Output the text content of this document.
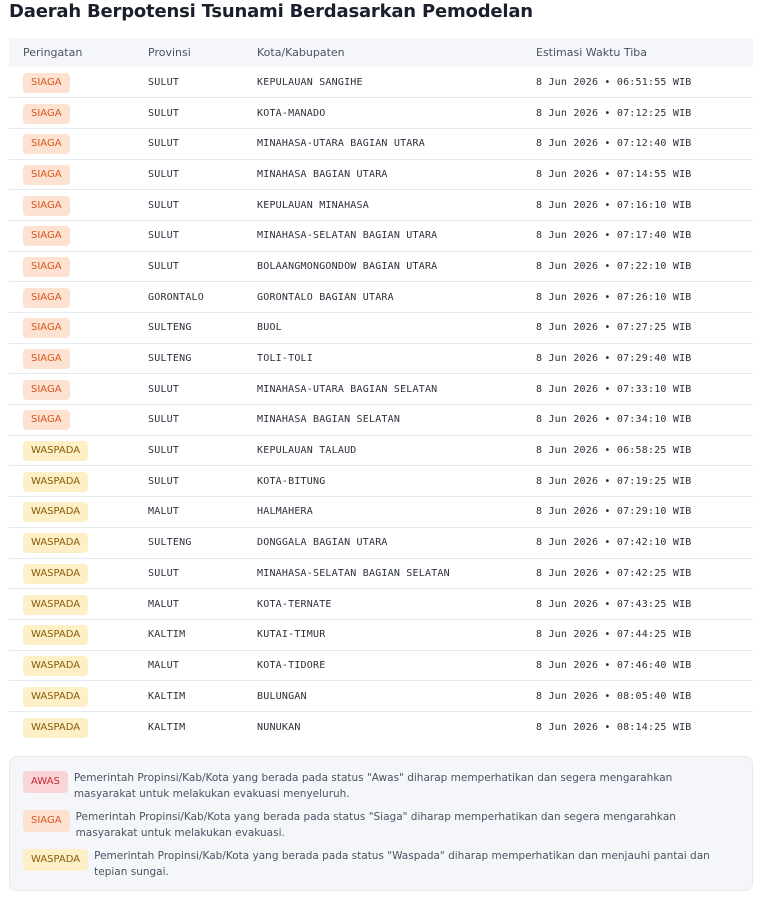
Daerah Berpotensi Tsunami Berdasarkan Pemodelan
Peringatan	Provinsi	Kota/Kabupaten	Estimasi Waktu Tiba
SIAGA	SULUT	KEPULAUAN SANGIHE	8 Jun 2026 • 06:51:55 WIB
SIAGA	SULUT	KOTA-MANADO	8 Jun 2026 • 07:12:25 WIB
SIAGA	SULUT	MINAHASA-UTARA BAGIAN UTARA	8 Jun 2026 • 07:12:40 WIB
SIAGA	SULUT	MINAHASA BAGIAN UTARA	8 Jun 2026 • 07:14:55 WIB
SIAGA	SULUT	KEPULAUAN MINAHASA	8 Jun 2026 • 07:16:10 WIB
SIAGA	SULUT	MINAHASA-SELATAN BAGIAN UTARA	8 Jun 2026 • 07:17:40 WIB
SIAGA	SULUT	BOLAANGMONGONDOW BAGIAN UTARA	8 Jun 2026 • 07:22:10 WIB
SIAGA	GORONTALO	GORONTALO BAGIAN UTARA	8 Jun 2026 • 07:26:10 WIB
SIAGA	SULTENG	BUOL	8 Jun 2026 • 07:27:25 WIB
SIAGA	SULTENG	TOLI-TOLI	8 Jun 2026 • 07:29:40 WIB
SIAGA	SULUT	MINAHASA-UTARA BAGIAN SELATAN	8 Jun 2026 • 07:33:10 WIB
SIAGA	SULUT	MINAHASA BAGIAN SELATAN	8 Jun 2026 • 07:34:10 WIB
WASPADA	SULUT	KEPULAUAN TALAUD	8 Jun 2026 • 06:58:25 WIB
WASPADA	SULUT	KOTA-BITUNG	8 Jun 2026 • 07:19:25 WIB
WASPADA	MALUT	HALMAHERA	8 Jun 2026 • 07:29:10 WIB
WASPADA	SULTENG	DONGGALA BAGIAN UTARA	8 Jun 2026 • 07:42:10 WIB
WASPADA	SULUT	MINAHASA-SELATAN BAGIAN SELATAN	8 Jun 2026 • 07:42:25 WIB
WASPADA	MALUT	KOTA-TERNATE	8 Jun 2026 • 07:43:25 WIB
WASPADA	KALTIM	KUTAI-TIMUR	8 Jun 2026 • 07:44:25 WIB
WASPADA	MALUT	KOTA-TIDORE	8 Jun 2026 • 07:46:40 WIB
WASPADA	KALTIM	BULUNGAN	8 Jun 2026 • 08:05:40 WIB
WASPADA	KALTIM	NUNUKAN	8 Jun 2026 • 08:14:25 WIB
AWAS	Pemerintah Propinsi/Kab/Kota yang berada pada status "Awas" diharap memperhatikan dan segera mengarahkan masyarakat untuk melakukan evakuasi menyeluruh.
SIAGA	Pemerintah Propinsi/Kab/Kota yang berada pada status "Siaga" diharap memperhatikan dan segera mengarahkan masyarakat untuk melakukan evakuasi.
WASPADA	Pemerintah Propinsi/Kab/Kota yang berada pada status "Waspada" diharap memperhatikan dan menjauhi pantai dan tepian sungai.
